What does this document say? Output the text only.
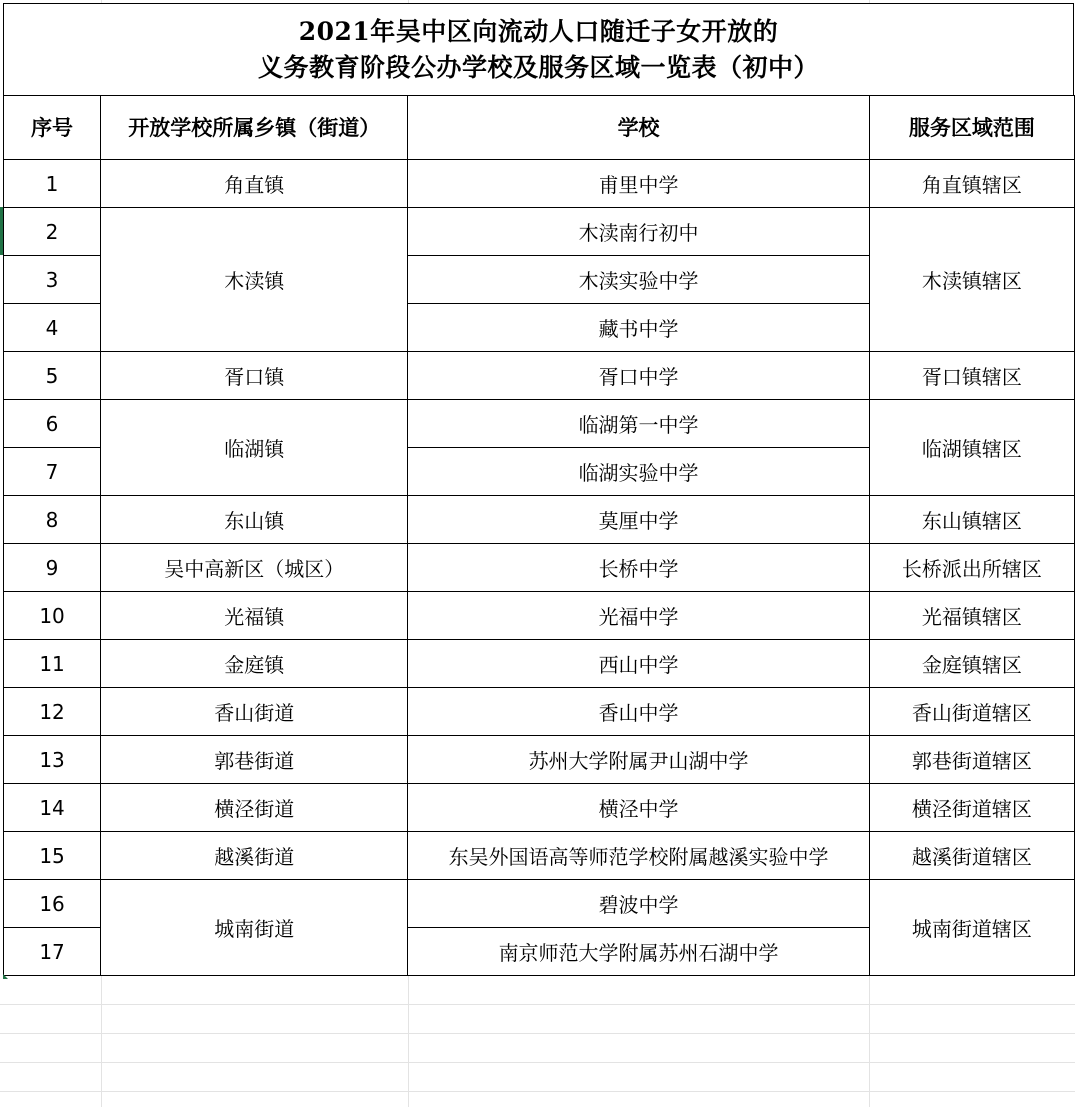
2021年吴中区向流动人口随迁子女开放的
义务教育阶段公办学校及服务区域一览表（初中）
序号	开放学校所属乡镇（街道）	学校	服务区域范围
1	角直镇	甫里中学	角直镇辖区
2	木渎镇	木渎南行初中	木渎镇辖区
3		木渎实验中学	
4		藏书中学	
5	胥口镇	胥口中学	胥口镇辖区
6	临湖镇	临湖第一中学	临湖镇辖区
7		临湖实验中学	
8	东山镇	莫厘中学	东山镇辖区
9	吴中高新区（城区）	长桥中学	长桥派出所辖区
10	光福镇	光福中学	光福镇辖区
11	金庭镇	西山中学	金庭镇辖区
12	香山街道	香山中学	香山街道辖区
13	郭巷街道	苏州大学附属尹山湖中学	郭巷街道辖区
14	横泾街道	横泾中学	横泾街道辖区
15	越溪街道	东吴外国语高等师范学校附属越溪实验中学	越溪街道辖区
16	城南街道	碧波中学	城南街道辖区
17		南京师范大学附属苏州石湖中学	
